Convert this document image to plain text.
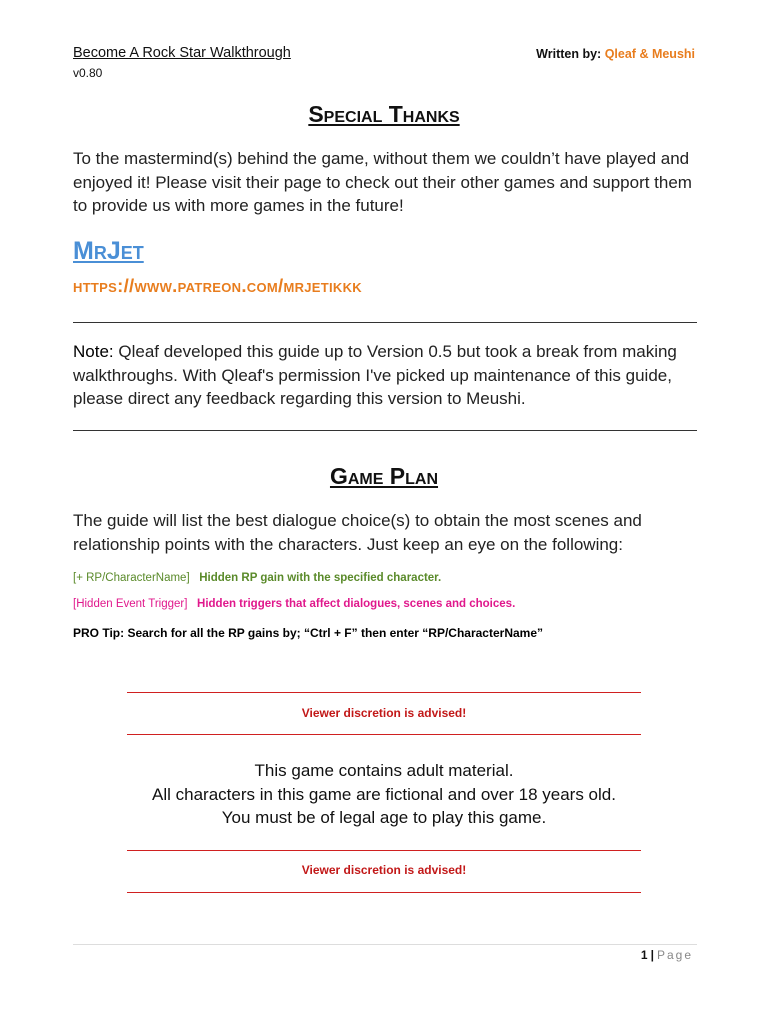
Become A Rock Star Walkthrough
v0.80
Written by: Qleaf & Meushi
Special Thanks
To the mastermind(s) behind the game, without them we couldn’t have played and enjoyed it! Please visit their page to check out their other games and support them to provide us with more games in the future!
MrJet
https://www.patreon.com/mrjetikkk
Note: Qleaf developed this guide up to Version 0.5 but took a break from making walkthroughs. With Qleaf's permission I've picked up maintenance of this guide, please direct any feedback regarding this version to Meushi.
Game Plan
The guide will list the best dialogue choice(s) to obtain the most scenes and relationship points with the characters. Just keep an eye on the following:
[+ RP/CharacterName] Hidden RP gain with the specified character.
[Hidden Event Trigger] Hidden triggers that affect dialogues, scenes and choices.
PRO Tip: Search for all the RP gains by; “Ctrl + F” then enter “RP/CharacterName”
Viewer discretion is advised!
This game contains adult material.
All characters in this game are fictional and over 18 years old.
You must be of legal age to play this game.
Viewer discretion is advised!
1 | Page
